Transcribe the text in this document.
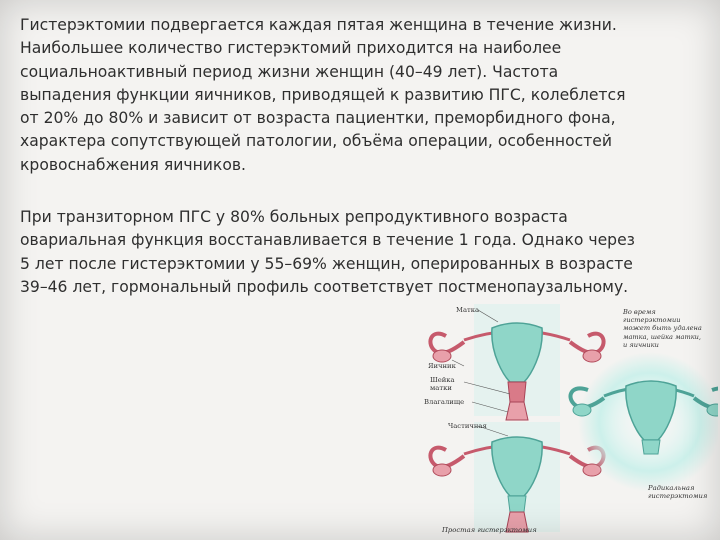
Гистерэктомии подвергается каждая пятая женщина в течение жизни.
Наибольшее количество гистерэктомий приходится на наиболее
социальноактивный период жизни женщин (40–49 лет). Частота
выпадения функции яичников, приводящей к развитию ПГС, колеблется
от 20% до 80% и зависит от возраста пациентки, преморбидного фона,
характера сопутствующей патологии, объёма операции, особенностей
кровоснабжения яичников.
При транзиторном ПГС у 80% больных репродуктивного возраста
овариальная функция восстанавливается в течение 1 года. Однако через
5 лет после гистерэктомии у 55–69% женщин, оперированных в возрасте
39–46 лет, гормональный профиль соответствует постменопаузальному.
Матка
Яичник
Шейка
матки
Влагалище
Частичная
Во время гистерэктомии
может быть удалена
матка, шейка матки,
и яичники
Радикальная
гистерэктомия
Простая гистерэктомия
